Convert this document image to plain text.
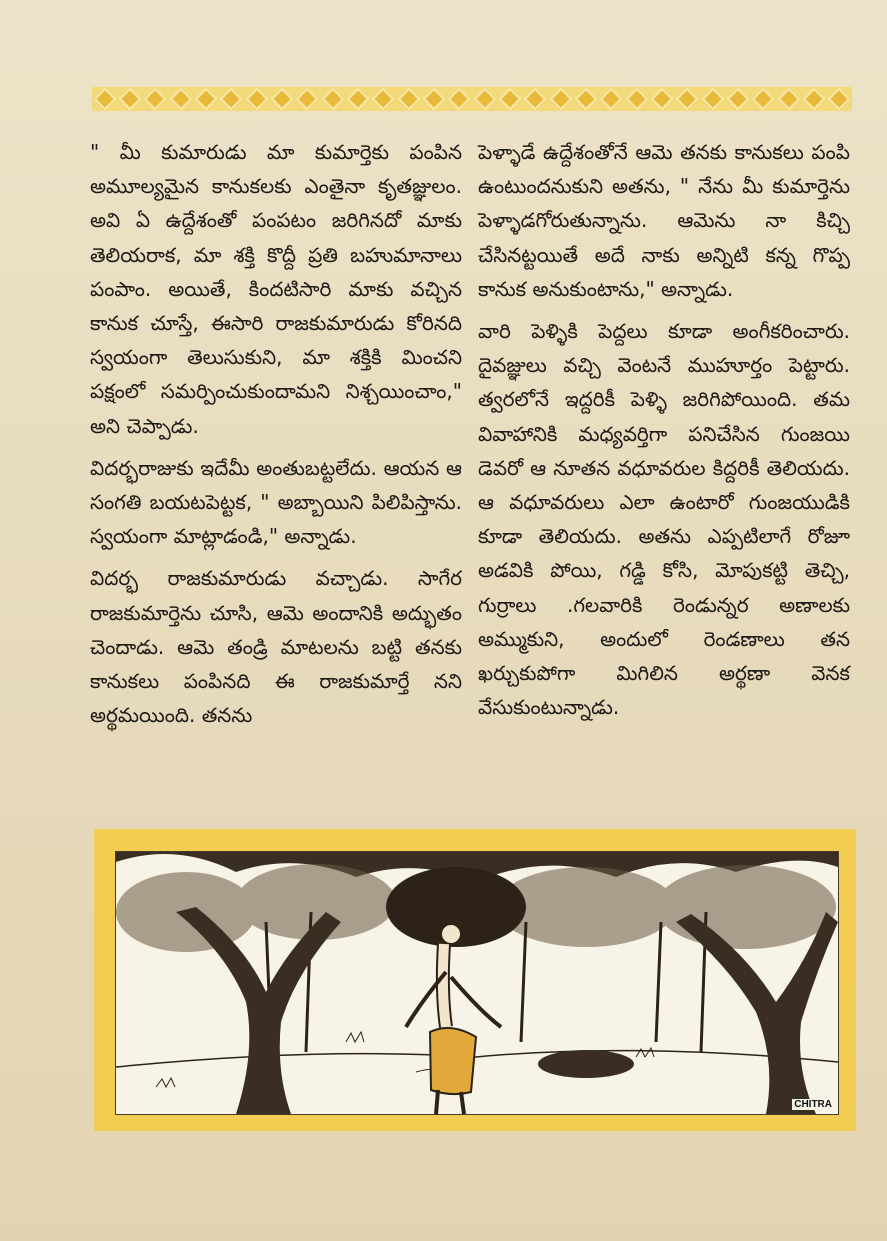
" మీ కుమారుడు మా కుమార్తెకు పంపిన అమూల్యమైన కానుకలకు ఎంతైనా కృతజ్ఞులం. అవి ఏ ఉద్దేశంతో పంపటం జరిగినదో మాకు తెలియరాక, మా శక్తి కొద్దీ ప్రతి బహుమానాలు పంపాం. అయితే, కిందటిసారి మాకు వచ్చిన కానుక చూస్తే, ఈసారి రాజకుమారుడు కోరినది స్వయంగా తెలుసుకుని, మా శక్తికి మించని పక్షంలో సమర్పించుకుందామని నిశ్చయించాం," అని చెప్పాడు.

విదర్భరాజుకు ఇదేమీ అంతుబట్టలేదు. ఆయన ఆ సంగతి బయటపెట్టక, " అబ్బాయిని పిలిపిస్తాను. స్వయంగా మాట్లాడండి," అన్నాడు.

విదర్భ రాజకుమారుడు వచ్చాడు. సాగేర రాజకుమార్తెను చూసి, ఆమె అందానికి అద్భుతం చెందాడు. ఆమె తండ్రి మాటలను బట్టి తనకు కానుకలు పంపినది ఈ రాజకుమార్తే నని అర్థమయింది. తనను

పెళ్ళాడే ఉద్దేశంతోనే ఆమె తనకు కానుకలు పంపి ఉంటుందనుకుని అతను, " నేను మీ కుమార్తెను పెళ్ళాడగోరుతున్నాను. ఆమెను నా కిచ్చి చేసినట్టయితే అదే నాకు అన్నిటి కన్న గొప్ప కానుక అనుకుంటాను," అన్నాడు.

వారి పెళ్ళికి పెద్దలు కూడా అంగీకరించారు. దైవజ్ఞులు వచ్చి వెంటనే ముహూర్తం పెట్టారు. త్వరలోనే ఇద్దరికీ పెళ్ళి జరిగిపోయింది. తమ వివాహానికి మధ్యవర్తిగా పనిచేసిన గుంజయి డెవరో ఆ నూతన వధూవరుల కిద్దరికీ తెలియదు. ఆ వధూవరులు ఎలా ఉంటారో గుంజయుడికి కూడా తెలియదు. అతను ఎప్పటిలాగే రోజూ అడవికి పోయి, గడ్డి కోసి, మోపుకట్టి తెచ్చి, గుర్రాలు .గలవారికి రెండున్నర అణాలకు అమ్ముకుని, అందులో రెండణాలు తన ఖర్చుకుపోగా మిగిలిన అర్థణా వెనక వేసుకుంటున్నాడు.

CHITRA
